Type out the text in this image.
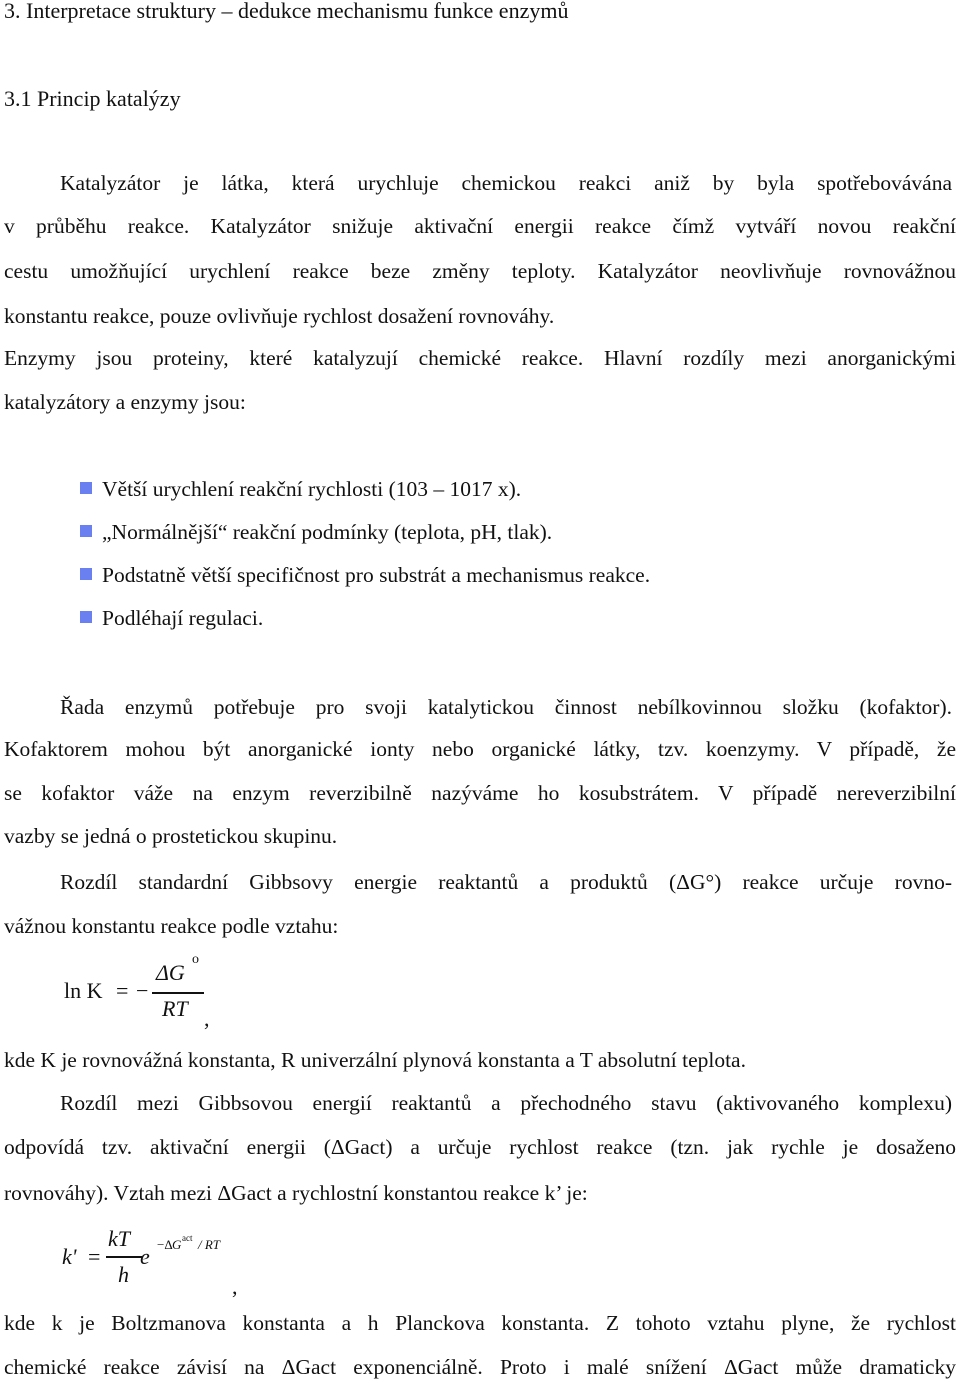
3. Interpretace struktury – dedukce mechanismu funkce enzymů
3.1 Princip katalýzy
Katalyzátor je látka, která urychluje chemickou reakci aniž by byla spotřebovávána
v průběhu reakce. Katalyzátor snižuje aktivační energii reakce čímž vytváří novou reakční
cestu umožňující urychlení reakce beze změny teploty. Katalyzátor neovlivňuje rovnovážnou
konstantu reakce, pouze ovlivňuje rychlost dosažení rovnováhy.
Enzymy jsou proteiny, které katalyzují chemické reakce. Hlavní rozdíly mezi anorganickými
katalyzátory a enzymy jsou:
Větší urychlení reakční rychlosti (103 – 1017 x).
„Normálnější“ reakční podmínky (teplota, pH, tlak).
Podstatně větší specifičnost pro substrát a mechanismus reakce.
Podléhají regulaci.
Řada enzymů potřebuje pro svoji katalytickou činnost nebílkovinnou složku (kofaktor).
Kofaktorem mohou být anorganické ionty nebo organické látky, tzv. koenzymy. V případě, že
se kofaktor váže na enzym reverzibilně nazýváme ho kosubstrátem. V případě nereverzibilní
vazby se jedná o prostetickou skupinu.
Rozdíl standardní Gibbsovy energie reaktantů a produktů (ΔG°) reakce určuje rovno-
vážnou konstantu reakce podle vztahu:
ln K = −
ΔG
o
RT ,
kde K je rovnovážná konstanta, R univerzální plynová konstanta a T absolutní teplota.
Rozdíl mezi Gibbsovou energií reaktantů a přechodného stavu (aktivovaného komplexu)
odpovídá tzv. aktivační energii (ΔGact) a určuje rychlost reakce (tzn. jak rychle je dosaženo
rovnováhy). Vztah mezi ΔGact a rychlostní konstantou reakce k’ je:
k' =
kT
h
e −Δ G act / RT
,
kde k je Boltzmanova konstanta a h Planckova konstanta. Z tohoto vztahu plyne, že rychlost
chemické reakce závisí na ΔGact exponenciálně. Proto i malé snížení ΔGact může dramaticky
